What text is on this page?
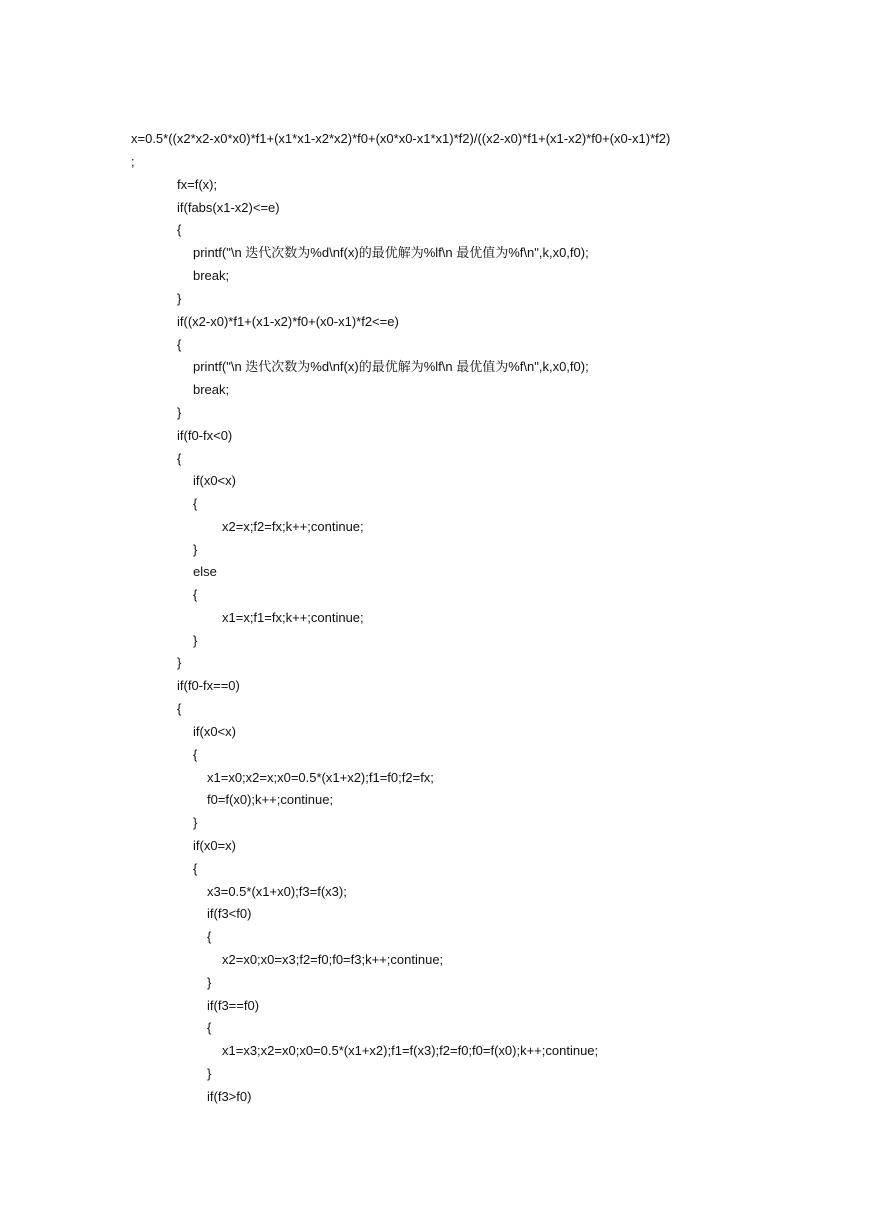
x=0.5*((x2*x2-x0*x0)*f1+(x1*x1-x2*x2)*f0+(x0*x0-x1*x1)*f2)/((x2-x0)*f1+(x1-x2)*f0+(x0-x1)*f2)
;
fx=f(x);
if(fabs(x1-x2)<=e)
{
printf("\n 迭代次数为%d\nf(x)的最优解为%lf\n 最优值为%f\n",k,x0,f0);
break;
}
if((x2-x0)*f1+(x1-x2)*f0+(x0-x1)*f2<=e)
{
printf("\n 迭代次数为%d\nf(x)的最优解为%lf\n 最优值为%f\n",k,x0,f0);
break;
}
if(f0-fx<0)
{
if(x0<x)
{
x2=x;f2=fx;k++;continue;
}
else
{
x1=x;f1=fx;k++;continue;
}
}
if(f0-fx==0)
{
if(x0<x)
{
x1=x0;x2=x;x0=0.5*(x1+x2);f1=f0;f2=fx;
f0=f(x0);k++;continue;
}
if(x0=x)
{
x3=0.5*(x1+x0);f3=f(x3);
if(f3<f0)
{
x2=x0;x0=x3;f2=f0;f0=f3;k++;continue;
}
if(f3==f0)
{
x1=x3;x2=x0;x0=0.5*(x1+x2);f1=f(x3);f2=f0;f0=f(x0);k++;continue;
}
if(f3>f0)
